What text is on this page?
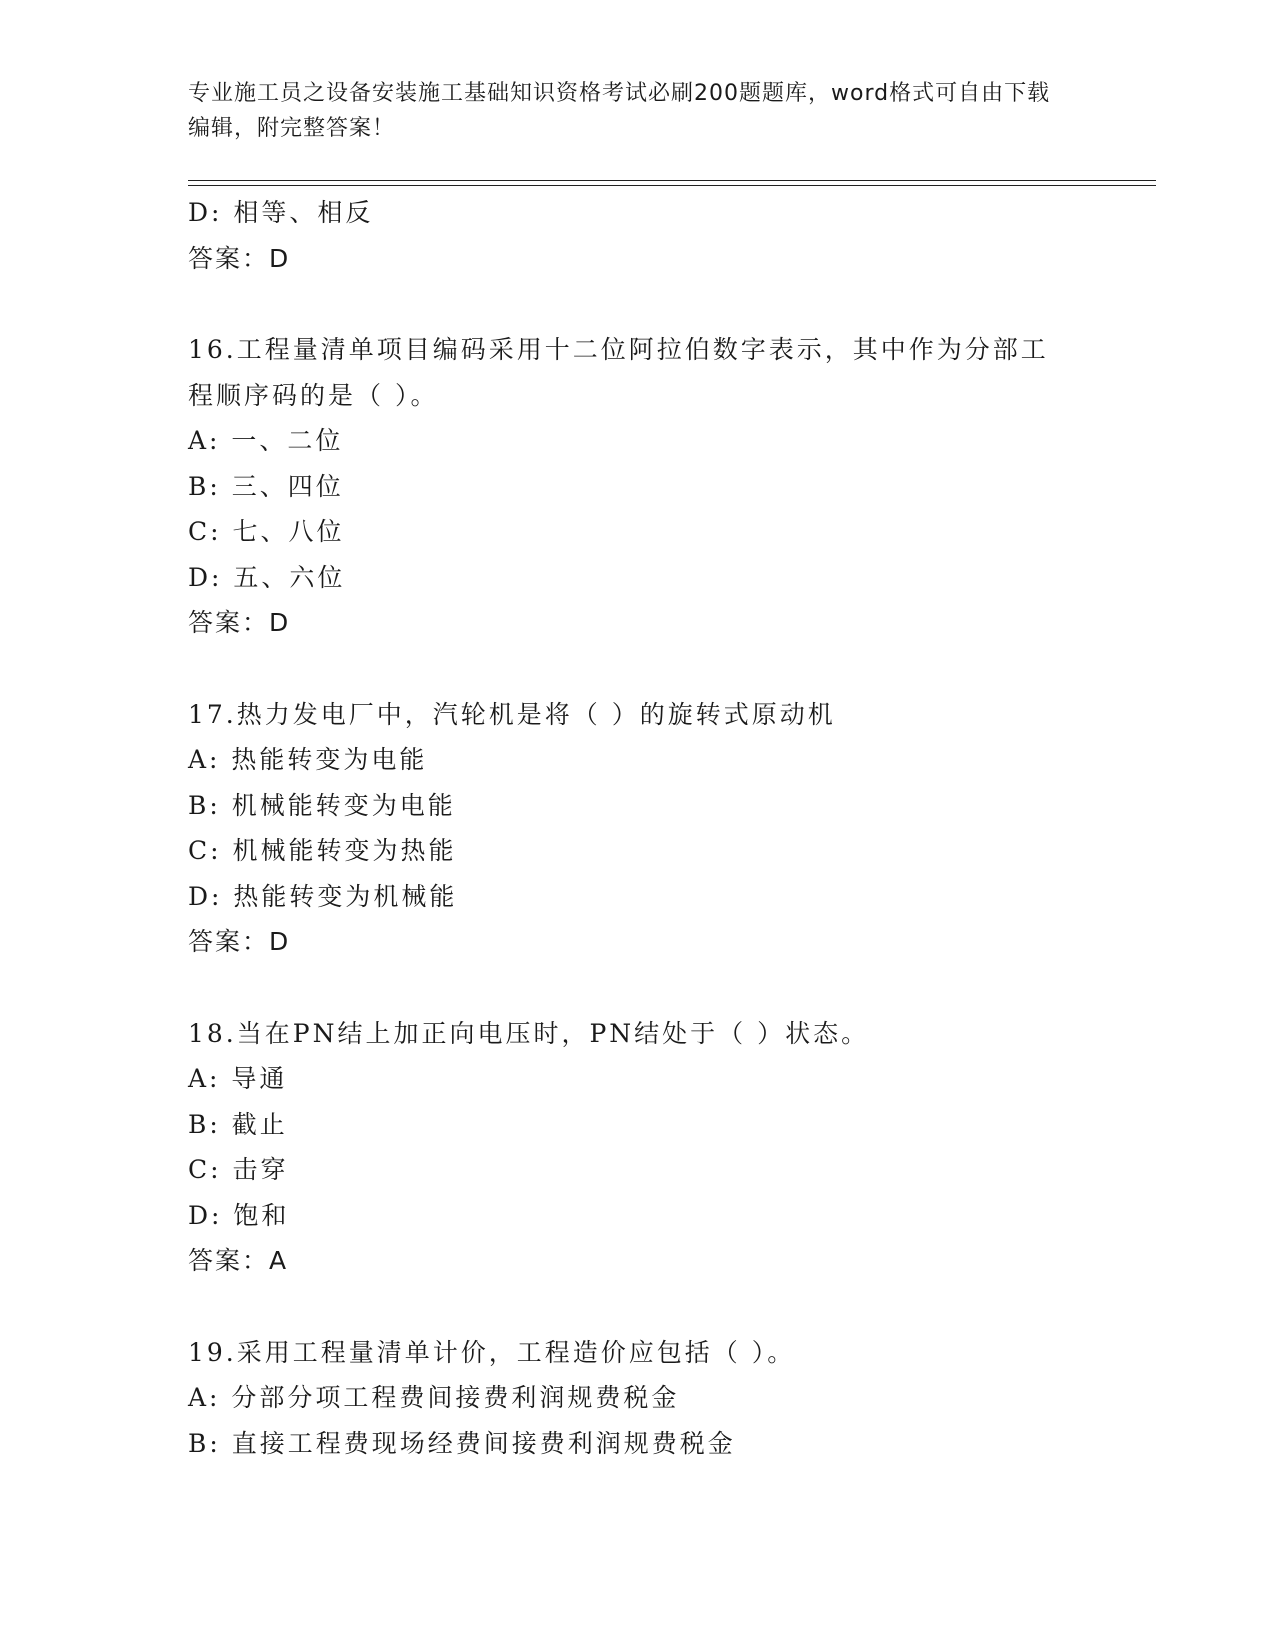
专业施工员之设备安装施工基础知识资格考试必刷200题题库，word格式可自由下载编辑，附完整答案！
D: 相等、相反
答案：D
16.工程量清单项目编码采用十二位阿拉伯数字表示，其中作为分部工
程顺序码的是（ ）。
A: 一、二位
B: 三、四位
C: 七、八位
D: 五、六位
答案：D
17.热力发电厂中，汽轮机是将（ ）的旋转式原动机
A: 热能转变为电能
B: 机械能转变为电能
C: 机械能转变为热能
D: 热能转变为机械能
答案：D
18.当在PN结上加正向电压时，PN结处于（ ）状态。
A: 导通
B: 截止
C: 击穿
D: 饱和
答案：A
19.采用工程量清单计价，工程造价应包括（ ）。
A: 分部分项工程费间接费利润规费税金
B: 直接工程费现场经费间接费利润规费税金
